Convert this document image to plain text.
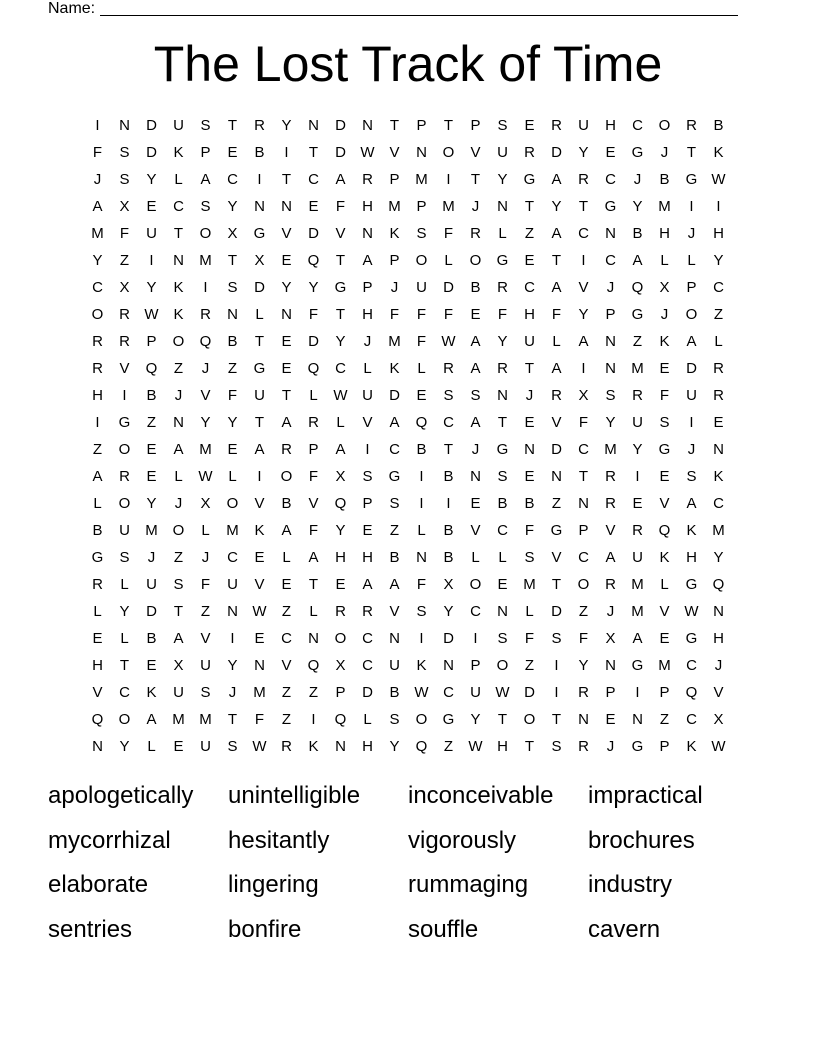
Name:
The Lost Track of Time
I	N	D	U	S	T	R	Y	N	D	N	T	P	T	P	S	E	R	U	H	C	O	R	B
F	S	D	K	P	E	B	I	T	D W V	N	O	V	U	R	D	Y	E	G	J	T	K
J	S	Y	L	A	C	I	T	C	A	R	P	M	I	T	Y	G	A	R	C	J	B	G W
A	X	E	C	S	Y	N	N	E	F	H	M	P	M	J	N	T	Y	T	G	Y	M	I	I
M	F	U	T	O	X	G	V	D	V	N	K	S	F	R	L	Z	A	C	N	B	H	J	H
Y	Z	I	N	M	T	X	E	Q	T	A	P	O	L	O	G	E	T	I	C	A	L	L	Y
C	X	Y	K	I	S	D	Y	Y	G	P	J	U	D	B	R	C	A	V	J	Q	X	P	C
O	R W K	R	N	L	N	F	T	H	F	F	F	E	F	H	F	Y	P	G	J	O	Z
R	R	P	O	Q	B	T	E	D	Y	J	M	F	W A	Y	U	L	A	N	Z	K	A	L
R	V	Q	Z	J	Z	G	E	Q	C	L	K	L	R	A	R	T	A	I	N	M	E	D	R
H	I	B	J	V	F	U	T	L	W U	D	E	S	S	N	J	R	X	S	R	F	U	R
I	G	Z	N	Y	Y	T	A	R	L	V	A	Q	C	A	T	E	V	F	Y	U	S	I	E
Z	O	E	A	M	E	A	R	P	A	I	C	B	T	J	G	N	D	C	M	Y	G	J	N
A	R	E	L	W	L	I	O	F	X	S	G	I	B	N	S	E	N	T	R	I	E	S	K
L	O	Y	J	X	O	V	B	V	Q	P	S	I	I	E	B	B	Z	N	R	E	V	A	C
B	U	M O	L	M	K	A	F	Y	E	Z	L	B	V	C	F	G	P	V	R	Q	K	M
G	S	J	Z	J	C	E	L	A	H	H	B	N	B	L	L	S	V	C	A	U	K	H	Y
R	L	U	S	F	U	V	E	T	E	A	A	F	X	O	E	M	T	O	R	M	L	G	Q
L	Y	D	T	Z	N W	Z	L	R	R	V	S	Y	C	N	L	D	Z	J	M	V W N
E	L	B	A	V	I	E	C	N	O	C	N	I	D	I	S	F	S	F	X	A	E	G	H
H	T	E	X	U	Y	N	V	Q	X	C	U	K	N	P	O	Z	I	Y	N	G M	C	J
V	C	K	U	S	J	M	Z	Z	P	D	B W C	U W D	I	R	P	I	P	Q	V
Q	O	A	M M	T	F	Z	I	Q	L	S	O	G	Y	T	O	T	N	E	N	Z	C	X
N	Y	L	E	U	S W R	K	N	H	Y	Q	Z	W H	T	S	R	J	G	P	K W
apologetically	unintelligible	inconceivable	impractical
mycorrhizal	hesitantly	vigorously	brochures
elaborate	lingering	rummaging	industry
sentries	bonfire	souffle	cavern
